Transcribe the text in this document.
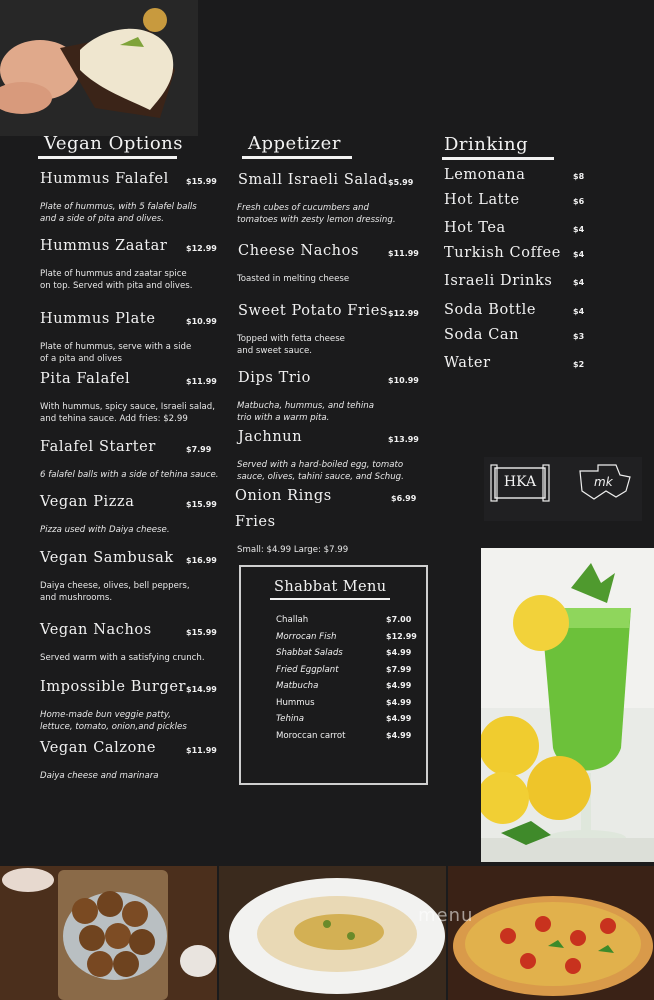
Vegan Options
Hummus Falafel $15.99
Plate of hummus, with 5 falafel balls
and a side of pita and olives.
Hummus Zaatar $12.99
Plate of hummus and zaatar spice
on top. Served with pita and olives.
Hummus Plate	$10.99
Plate of hummus, serve with a side
of a pita and olives
Pita Falafel	$11.99
With hummus, spicy sauce, Israeli salad,
and tehina sauce. Add fries: $2.99
Falafel Starter	$7.99
6 falafel balls with a side of tehina sauce.
Vegan Pizza	$15.99
Pizza used with Daiya cheese.
Vegan Sambusak $16.99
Daiya cheese, olives, bell peppers,
and mushrooms.
Vegan Nachos	$15.99
Served warm with a satisfying crunch.
Impossible Burger $14.99
Home-made bun veggie patty,
lettuce, tomato, onion,and pickles
Vegan Calzone	$11.99
Daiya cheese and marinara
Appetizer
Small Israeli Salad $5.99
Fresh cubes of cucumbers and
tomatoes with zesty lemon dressing.
Cheese Nachos	$11.99
Toasted in melting cheese
Sweet Potato Fries $12.99
Topped with fetta cheese
and sweet sauce.
Dips Trio	$10.99
Matbucha, hummus, and tehina
trio with a warm pita.
Jachnun	$13.99
Served with a hard-boiled egg, tomato
sauce, olives, tahini sauce, and Schug.
Onion Rings	$6.99
Fries
Small: $4.99 Large: $7.99
Drinking
Lemonana	$8
Hot Latte	$6
Hot Tea	$4
Turkish Coffee $4
Israeli Drinks	$4
Soda Bottle	$4
Soda Can	$3
Water	$2
HKA	mk
Shabbat Menu
Challah	$7.00
Morrocan Fish	$12.99
Shabbat Salads	$4.99
Fried Eggplant	$7.99
Matbucha	$4.99
Hummus	$4.99
Tehina	$4.99
Moroccan carrot	$4.99
menu
